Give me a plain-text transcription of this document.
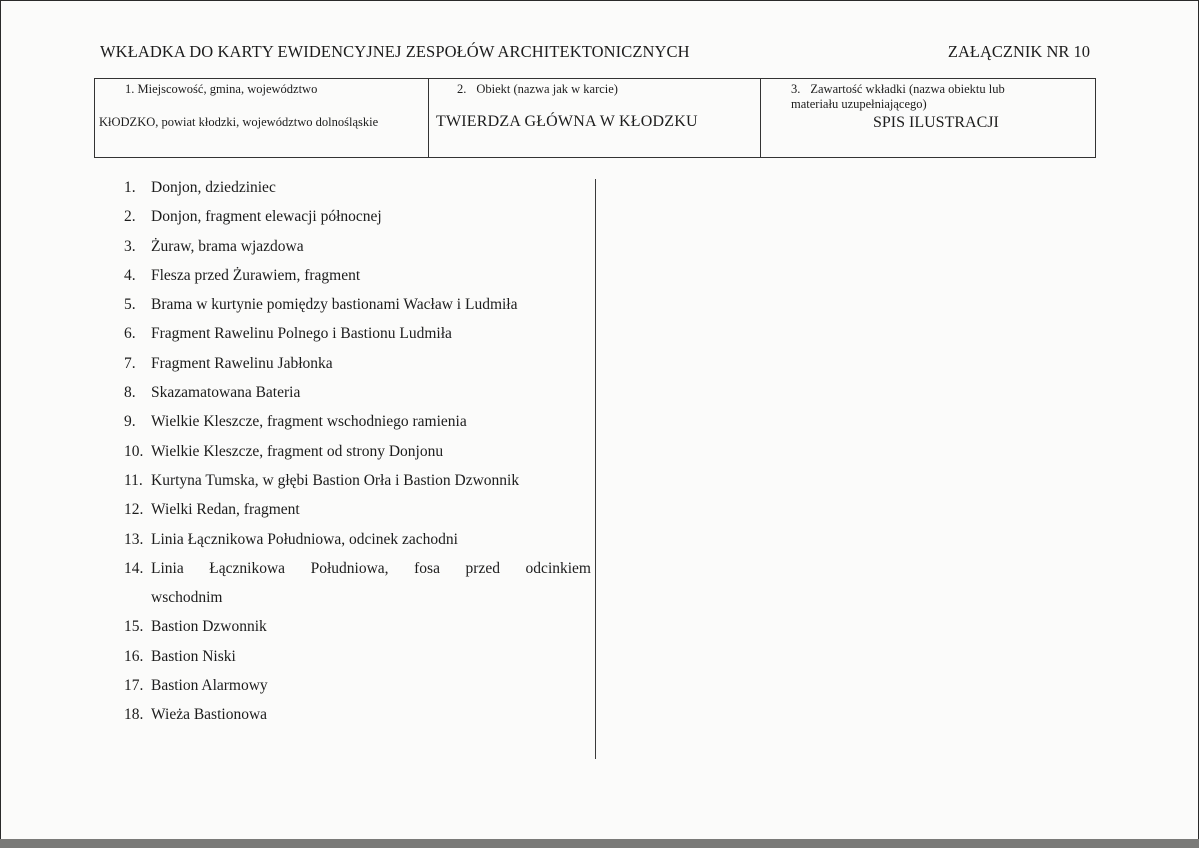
WKŁADKA DO KARTY EWIDENCYJNEJ ZESPOŁÓW ARCHITEKTONICZNYCH	ZAŁĄCZNIK NR 10
1. Miejscowość, gmina, województwo
KłODZKO, powiat kłodzki, województwo dolnośląskie
2. Obiekt (nazwa jak w karcie)
TWIERDZA GŁÓWNA W KŁODZKU
3. Zawartość wkładki (nazwa obiektu lub materiału uzupełniającego)
SPIS ILUSTRACJI
1. Donjon, dziedziniec
2. Donjon, fragment elewacji północnej
3. Żuraw, brama wjazdowa
4. Flesza przed Żurawiem, fragment
5. Brama w kurtynie pomiędzy bastionami Wacław i Ludmiła
6. Fragment Rawelinu Polnego i Bastionu Ludmiła
7. Fragment Rawelinu Jabłonka
8. Skazamatowana Bateria
9. Wielkie Kleszcze, fragment wschodniego ramienia
10. Wielkie Kleszcze, fragment od strony Donjonu
11. Kurtyna Tumska, w głębi Bastion Orła i Bastion Dzwonnik
12. Wielki Redan, fragment
13. Linia Łącznikowa Południowa, odcinek zachodni
14. Linia Łącznikowa Południowa, fosa przed odcinkiem
wschodnim
15. Bastion Dzwonnik
16. Bastion Niski
17. Bastion Alarmowy
18. Wieża Bastionowa
